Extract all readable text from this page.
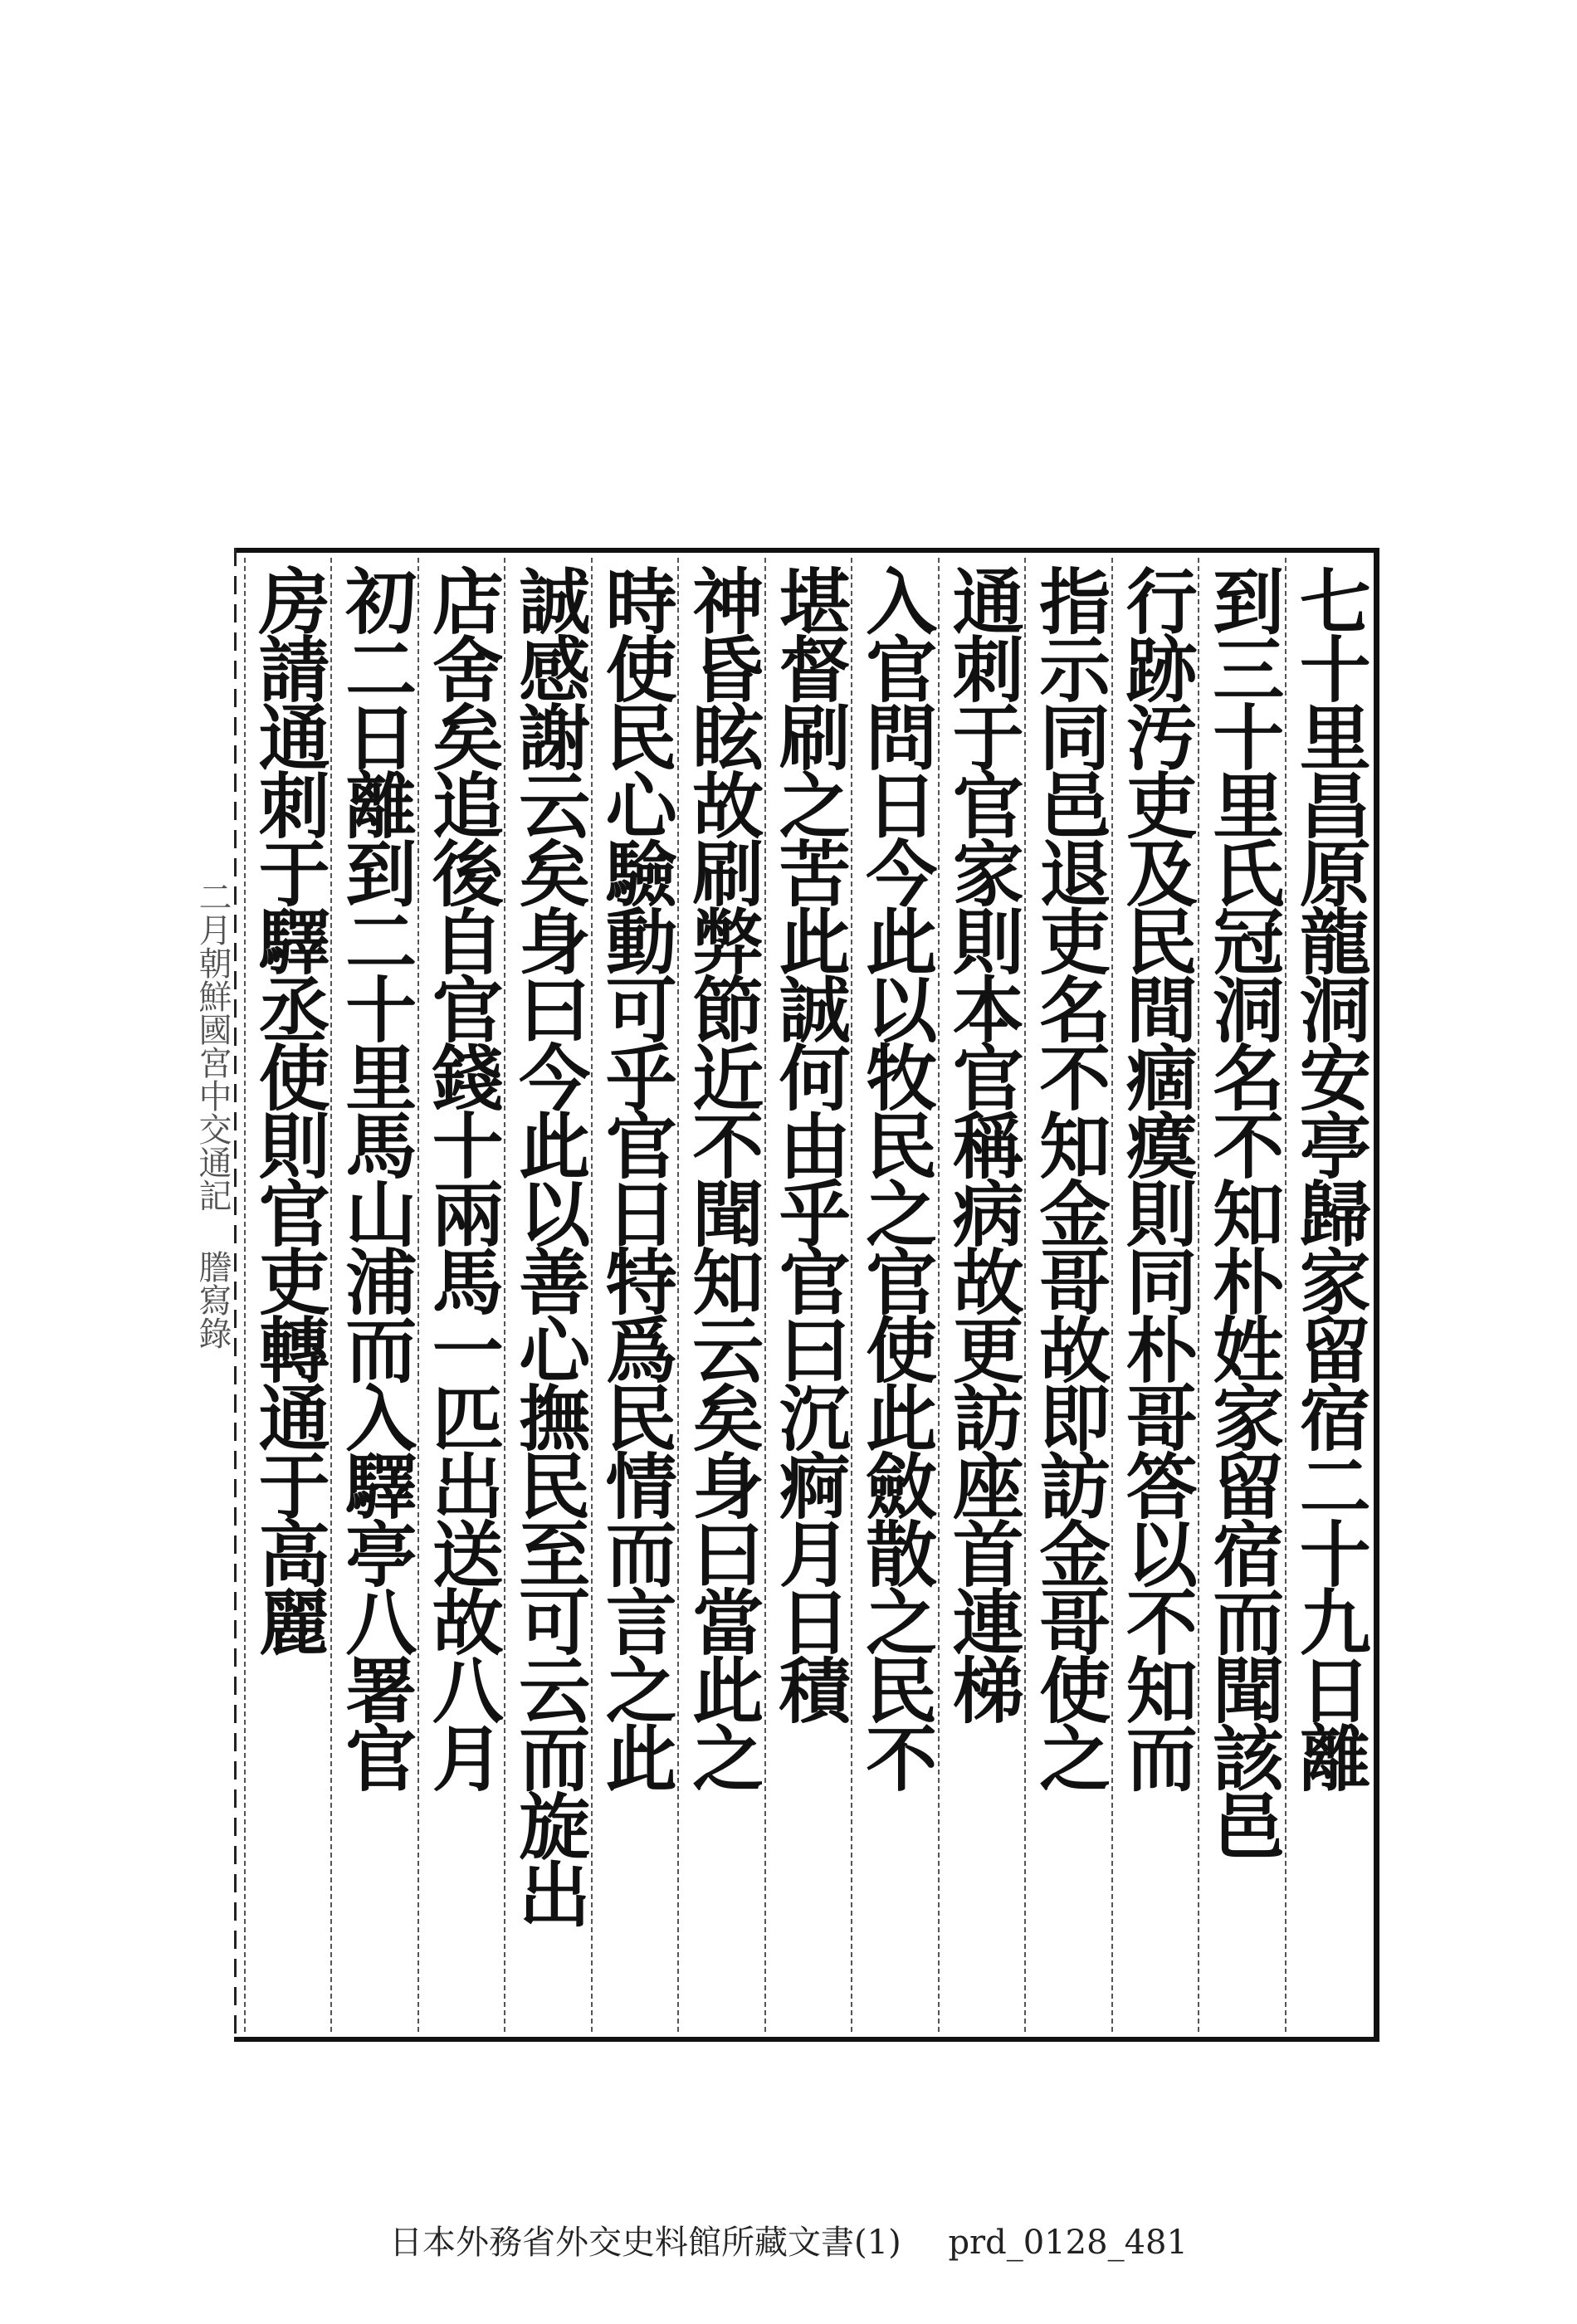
七十里昌原龍洞安亭歸家留宿二十九日離
到三十里氏冠洞名不知朴姓家留宿而聞該邑
行跡汚吏及民間痼瘼則同朴哥答以不知而
指示同邑退吏名不知金哥故即訪金哥使之
通刺于官家則本官稱病故更訪座首連梯
入官問日今此以牧民之官使此斂散之民不
堪督刷之苦此誠何由乎官曰沉痾月日積
神昏眩故刷弊節近不聞知云矣身曰當此之
時使民心驗動可乎官日特爲民情而言之此
誠感謝云矣身曰今此以善心撫民至可云而旋出
店舍矣追後自官錢十兩馬一匹出送故八月
初二日離到二十里馬山浦而入驛亭八署官
房請通刺于驛丞使則官吏轉通于高麗
二月朝鮮國宮中交通記 謄寫錄
日本外務省外交史料館所藏文書(1) prd_0128_481
